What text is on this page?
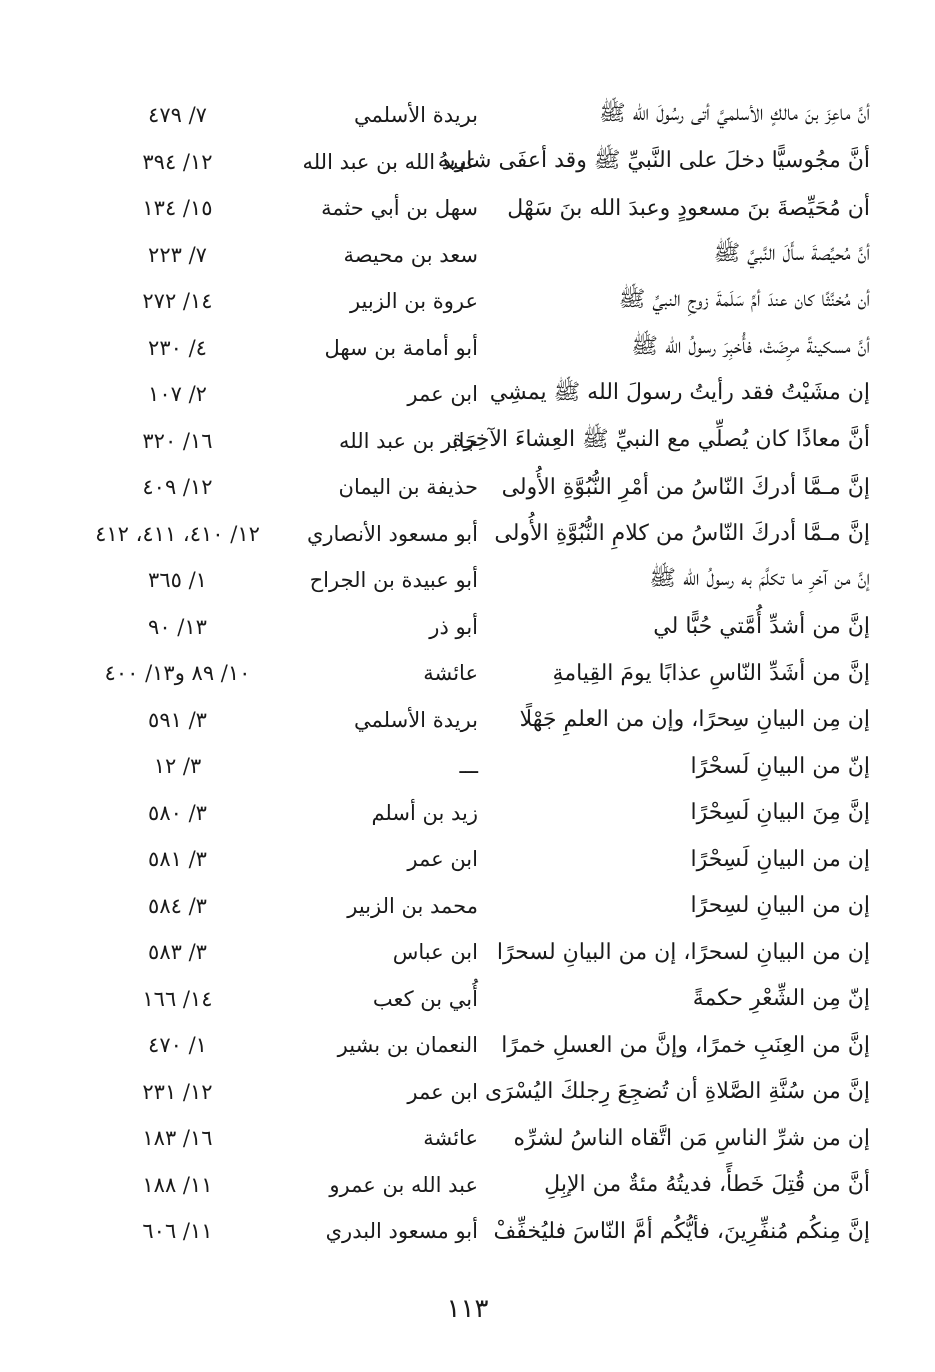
أنَّ ماعِزَ بنَ مالكٍ الأسلميَّ أتى رسُولَ الله ﷺ
بريدة الأسلمي
٧/ ٤٧٩
أنَّ مجُوسيًّا دخلَ على النَّبيِّ ﷺ وقد أعفَى شاربهُ
عبيد الله بن عبد الله
١٢/ ٣٩٤
أن مُحَيِّصةَ بنَ مسعودٍ وعبدَ الله بنَ سَهْل
سهل بن أبي حثمة
١٥/ ١٣٤
أنَّ مُحيِّصةَ سأَلَ النَّبيَّ ﷺ
سعد بن محيصة
٧/ ٢٢٣
أن مُخنَّثًا كان عندَ أمِّ سَلَمةَ زوجِ النبيِّ ﷺ
عروة بن الزبير
١٤/ ٢٧٢
أنَّ مسكينةً مرِضَتْ، فأُخبِرَ رسولُ الله ﷺ
أبو أمامة بن سهل
٤/ ٢٣٠
إن مشَيْتُ فقد رأيتُ رسولَ الله ﷺ يمشِي
ابن عمر
٢/ ١٠٧
أنَّ معاذًا كان يُصلِّي مع النبيِّ ﷺ العِشاءَ الآخِرَة
جابر بن عبد الله
١٦/ ٣٢٠
إنَّ مـمَّا أدركَ النّاسُ من أمْرِ النُّبُوَّةِ الأُولى
حذيفة بن اليمان
١٢/ ٤٠٩
إنَّ مـمَّا أدركَ النّاسُ من كلامِ النُّبُوَّةِ الأُولى
أبو مسعود الأنصاري
١٢/ ٤١٠، ٤١١، ٤١٢
إنَّ من آخرِ ما تكلَّمَ به رسولُ الله ﷺ
أبو عبيدة بن الجراح
١/ ٣٦٥
إنَّ من أشدِّ أُمَّتي حُبًّا لي
أبو ذر
١٣/ ٩٠
إنَّ من أشَدِّ النّاسِ عذابًا يومَ القِيامةِ
عائشة
١٠/ ٨٩ و١٣/ ٤٠٠
إن مِن البيانِ سِحرًا، وإن من العلمِ جَهْلًا
بريدة الأسلمي
٣/ ٥٩١
إنّ من البيانِ لَسحْرًا
ـــ
٣/ ١٢
إنَّ مِنَ البيانِ لَسِحْرًا
زيد بن أسلم
٣/ ٥٨٠
إن من البيانِ لَسِحْرًا
ابن عمر
٣/ ٥٨١
إن من البيانِ لسِحرًا
محمد بن الزبير
٣/ ٥٨٤
إن من البيانِ لسحرًا، إن من البيانِ لسحرًا
ابن عباس
٣/ ٥٨٣
إنّ مِن الشِّعْرِ حكمةً
أُبي بن كعب
١٤/ ١٦٦
إنَّ من العِنَبِ خمرًا، وإنَّ من العسلِ خمرًا
النعمان بن بشير
١/ ٤٧٠
إنَّ من سُنَّةِ الصَّلاةِ أن تُضجِعَ رِجلكَ اليُسْرَى
ابن عمر
١٢/ ٢٣١
إن من شرِّ الناسِ مَن اتَّقاه الناسُ لشرِّه
عائشة
١٦/ ١٨٣
أنَّ من قُتِلَ خَطأً، فديتُهُ مئةٌ من الإبِلِ
عبد الله بن عمرو
١١/ ١٨٨
إنَّ مِنكُم مُنفِّرِينَ، فأيُّكُم أمَّ النّاسَ فليُخفِّفْ
أبو مسعود البدري
١١/ ٦٠٦
١١٣
